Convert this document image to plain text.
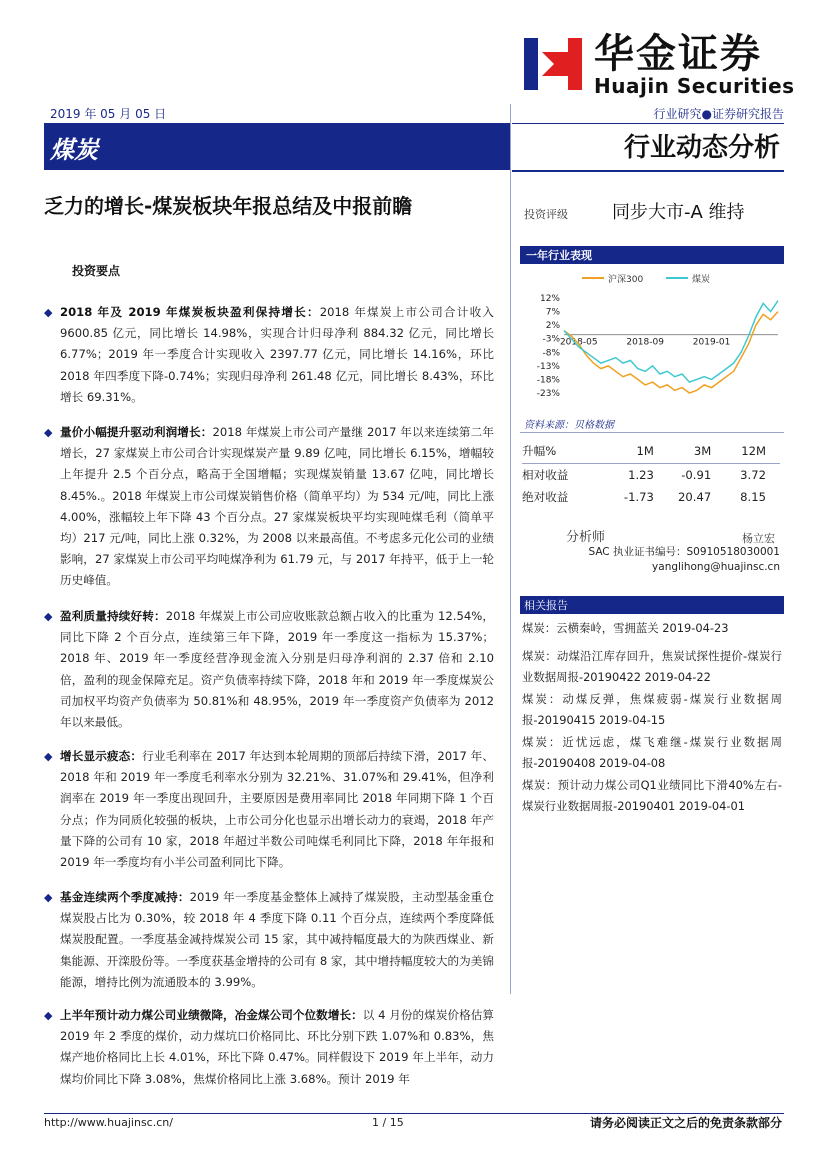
华金证券
Huajin Securities
2019 年 05 月 05 日
煤炭
行业研究●证券研究报告
行业动态分析
乏力的增长-煤炭板块年报总结及中报前瞻
投资要点
◆ 2018 年及 2019 年煤炭板块盈利保持增长：2018 年煤炭上市公司合计收入 9600.85 亿元，同比增长 14.98%，实现合计归母净利 884.32 亿元，同比增长 6.77%；2019 年一季度合计实现收入 2397.77 亿元，同比增长 14.16%，环比 2018 年四季度下降-0.74%；实现归母净利 261.48 亿元，同比增长 8.43%，环比增长 69.31%。
◆ 量价小幅提升驱动利润增长：2018 年煤炭上市公司产量继 2017 年以来连续第二年增长，27 家煤炭上市公司合计实现煤炭产量 9.89 亿吨，同比增长 6.15%，增幅较上年提升 2.5 个百分点，略高于全国增幅；实现煤炭销量 13.67 亿吨，同比增长 8.45%.。2018 年煤炭上市公司煤炭销售价格（简单平均）为 534 元/吨，同比上涨 4.00%，涨幅较上年下降 43 个百分点。27 家煤炭板块平均实现吨煤毛利（简单平均）217 元/吨，同比上涨 0.32%，为 2008 以来最高值。不考虑多元化公司的业绩影响，27 家煤炭上市公司平均吨煤净利为 61.79 元，与 2017 年持平，低于上一轮历史峰值。
◆ 盈利质量持续好转：2018 年煤炭上市公司应收账款总额占收入的比重为 12.54%，同比下降 2 个百分点，连续第三年下降，2019 年一季度这一指标为 15.37%；2018 年、2019 年一季度经营净现金流入分别是归母净利润的 2.37 倍和 2.10 倍，盈利的现金保障充足。资产负债率持续下降，2018 年和 2019 年一季度煤炭公司加权平均资产负债率为 50.81%和 48.95%，2019 年一季度资产负债率为 2012 年以来最低。
◆ 增长显示疲态：行业毛利率在 2017 年达到本轮周期的顶部后持续下滑，2017 年、2018 年和 2019 年一季度毛利率水分别为 32.21%、31.07%和 29.41%，但净利润率在 2019 年一季度出现回升，主要原因是费用率同比 2018 年同期下降 1 个百分点；作为同质化较强的板块，上市公司分化也显示出增长动力的衰竭，2018 年产量下降的公司有 10 家，2018 年超过半数公司吨煤毛利同比下降，2018 年年报和 2019 年一季度均有小半公司盈利同比下降。
◆ 基金连续两个季度减持：2019 年一季度基金整体上减持了煤炭股，主动型基金重仓煤炭股占比为 0.30%，较 2018 年 4 季度下降 0.11 个百分点，连续两个季度降低煤炭股配置。一季度基金减持煤炭公司 15 家，其中减持幅度最大的为陕西煤业、新集能源、开滦股份等。一季度获基金增持的公司有 8 家，其中增持幅度较大的为美锦能源，增持比例为流通股本的 3.99%。
◆ 上半年预计动力煤公司业绩微降，冶金煤公司个位数增长：以 4 月份的煤炭价格估算 2019 年 2 季度的煤价，动力煤坑口价格同比、环比分别下跌 1.07%和 0.83%，焦煤产地价格同比上长 4.01%，环比下降 0.47%。同样假设下 2019 年上半年，动力煤均价同比下降 3.08%，焦煤价格同比上涨 3.68%。预计 2019 年
投资评级 同步大市-A 维持
一年行业表现
沪深300	煤炭
12%
7%
2%
-3%
-8%
-13%
-18%
-23%
2018-05	2018-09	2019-01
资料来源：贝格数据
升幅%	1M	3M	12M
相对收益	1.23	-0.91	3.72
绝对收益	-1.73	20.47	8.15
分析师	杨立宏
SAC 执业证书编号：S0910518030001
yanglihong@huajinsc.cn
相关报告

煤炭：云横秦岭，雪拥蓝关 2019-04-23

煤炭：动煤沿江库存回升，焦炭试探性提价-煤炭行业数据周报-20190422 2019-04-22

煤炭：动煤反弹，焦煤疲弱-煤炭行业数据周报-20190415 2019-04-15

煤炭：近忧远虑，煤飞难继-煤炭行业数据周报-20190408 2019-04-08

煤炭：预计动力煤公司Q1业绩同比下滑40%左右-煤炭行业数据周报-20190401 2019-04-01

http://www.huajinsc.cn/	1 / 15	请务必阅读正文之后的免责条款部分
